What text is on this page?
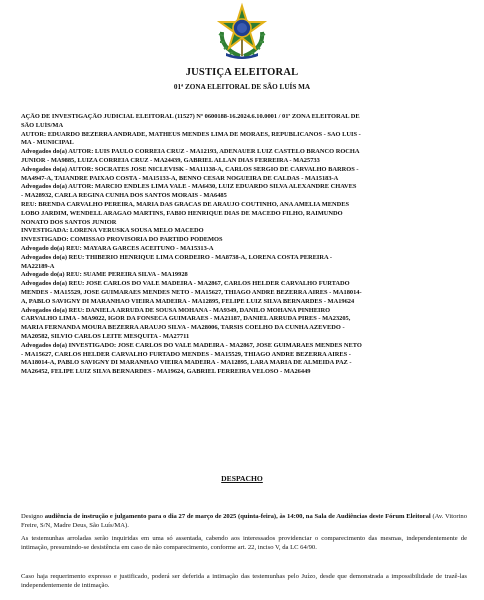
JUSTIÇA ELEITORAL
01ª ZONA ELEITORAL DE SÃO LUÍS MA
AÇÃO DE INVESTIGAÇÃO JUDICIAL ELEITORAL (11527) Nº 0600188-16.2024.6.10.0001 / 01ª ZONA ELEITORAL DE
SÃO LUÍS/MA
AUTOR: EDUARDO BEZERRA ANDRADE, MATHEUS MENDES LIMA DE MORAES, REPUBLICANOS - SAO LUIS -
MA - MUNICIPAL
Advogados do(a) AUTOR: LUIS PAULO CORREIA CRUZ - MA12193, ADENAUER LUIZ CASTELO BRANCO ROCHA
JUNIOR - MA9885, LUIZA CORREIA CRUZ - MA24439, GABRIEL ALLAN DIAS FERREIRA - MA25733
Advogados do(a) AUTOR: SOCRATES JOSE NICLEVISK - MA11138-A, CARLOS SERGIO DE CARVALHO BARROS -
MA4947-A, TAIANDRE PAIXAO COSTA - MA15133-A, BENNO CESAR NOGUEIRA DE CALDAS - MA15183-A
Advogados do(a) AUTOR: MARCIO ENDLES LIMA VALE - MA6430, LUIZ EDUARDO SILVA ALEXANDRE CHAVES
- MA28932, CARLA REGINA CUNHA DOS SANTOS MORAIS - MA6485
REU: BRENDA CARVALHO PEREIRA, MARIA DAS GRACAS DE ARAUJO COUTINHO, ANA AMELIA MENDES
LOBO JARDIM, WENDELL ARAGAO MARTINS, FABIO HENRIQUE DIAS DE MACEDO FILHO, RAIMUNDO
NONATO DOS SANTOS JUNIOR
INVESTIGADA: LORENA VERUSKA SOUSA MELO MACEDO
INVESTIGADO: COMISSAO PROVISORIA DO PARTIDO PODEMOS
Advogado do(a) REU: MAYARA GARCES ACEITUNO - MA15313-A
Advogados do(a) REU: THIBERIO HENRIQUE LIMA CORDEIRO - MA8738-A, LORENA COSTA PEREIRA -
MA22189-A
Advogado do(a) REU: SUAME PEREIRA SILVA - MA19928
Advogados do(a) REU: JOSE CARLOS DO VALE MADEIRA - MA2867, CARLOS HELDER CARVALHO FURTADO
MENDES - MA15529, JOSE GUIMARAES MENDES NETO - MA15627, THIAGO ANDRE BEZERRA AIRES - MA18014-
A, PABLO SAVIGNY DI MARANHAO VIEIRA MADEIRA - MA12895, FELIPE LUIZ SILVA BERNARDES - MA19624
Advogados do(a) REU: DANIELA ARRUDA DE SOUSA MOHANA - MA9349, DANILO MOHANA PINHEIRO
CARVALHO LIMA - MA9022, IGOR DA FONSECA GUIMARAES - MA21187, DANIEL ARRUDA PIRES - MA23205,
MARIA FERNANDA MOURA BEZERRA ARAUJO SILVA - MA28006, TARSIS COELHO DA CUNHA AZEVEDO -
MA20582, SILVIO CARLOS LEITE MESQUITA - MA27711
Advogados do(a) INVESTIGADO: JOSE CARLOS DO VALE MADEIRA - MA2867, JOSE GUIMARAES MENDES NETO
- MA15627, CARLOS HELDER CARVALHO FURTADO MENDES - MA15529, THIAGO ANDRE BEZERRA AIRES -
MA18014-A, PABLO SAVIGNY DI MARANHAO VIEIRA MADEIRA - MA12895, LARA MARIA DE ALMEIDA PAZ -
MA26452, FELIPE LUIZ SILVA BERNARDES - MA19624, GABRIEL FERREIRA VELOSO - MA26449
DESPACHO
Designo audiência de instrução e julgamento para o dia 27 de março de 2025 (quinta-feira), às 14:00, na Sala de Audiências deste Fórum Eleitoral (Av. Vitorino Freire, S/N, Madre Deus, São Luís/MA).
As testemunhas arroladas serão inquiridas em uma só assentada, cabendo aos interessados providenciar o comparecimento das mesmas, independentemente de intimação, presumindo-se desistência em caso de não comparecimento, conforme art. 22, inciso V, da LC 64/90.
Caso haja requerimento expresso e justificado, poderá ser deferida a intimação das testemunhas pelo Juízo, desde que demonstrada a impossibilidade de trazê-las independentemente de intimação.
